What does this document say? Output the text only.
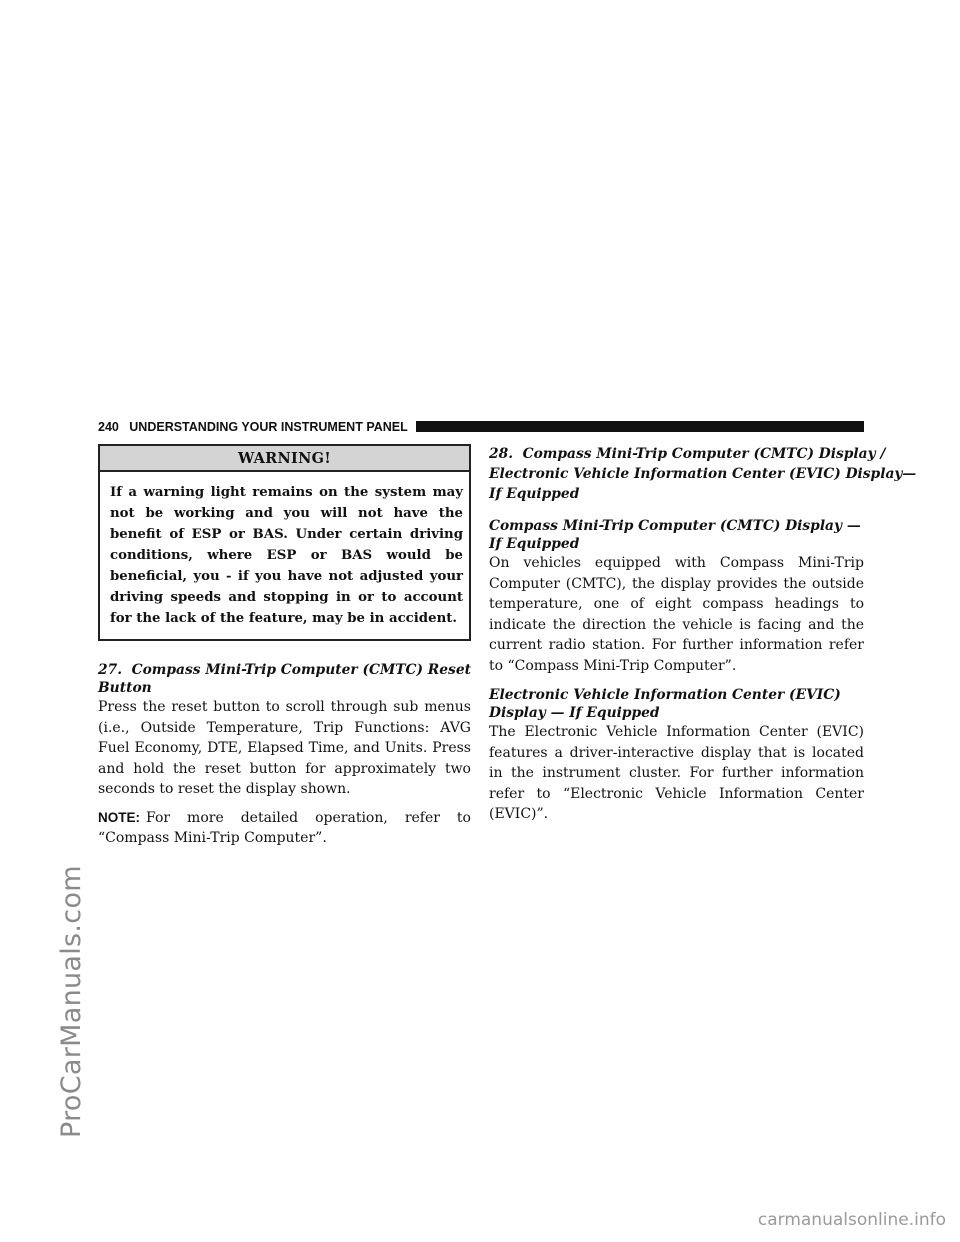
ProCarManuals.com
carmanualsonline.info
240   UNDERSTANDING YOUR INSTRUMENT PANEL
WARNING!
If a warning light remains on the system may not be working and you will not have the benefit of ESP or BAS. Under certain driving conditions, where ESP or BAS would be beneficial, you - if you have not adjusted your driving speeds and stopping in or to account for the lack of the feature, may be in accident.
27.  Compass Mini-Trip Computer (CMTC) Reset
Button

Press the reset button to scroll through sub menus (i.e., Outside Temperature, Trip Functions: AVG Fuel Economy, DTE, Elapsed Time, and Units. Press and hold the reset button for approximately two seconds to reset the display shown.

NOTE: For more detailed operation, refer to “Compass Mini-Trip Computer”.

28.  Compass Mini-Trip Computer (CMTC) Display /
Electronic Vehicle Information Center (EVIC) Display—
If Equipped
Compass Mini-Trip Computer (CMTC) Display —
If Equipped

On vehicles equipped with Compass Mini-Trip Computer (CMTC), the display provides the outside temperature, one of eight compass headings to indicate the direction the vehicle is facing and the current radio station. For further information refer to “Compass Mini-Trip Computer”.

Electronic Vehicle Information Center (EVIC)
Display — If Equipped

The Electronic Vehicle Information Center (EVIC) features a driver-interactive display that is located in the instrument cluster. For further information refer to “Electronic Vehicle Information Center (EVIC)”.
